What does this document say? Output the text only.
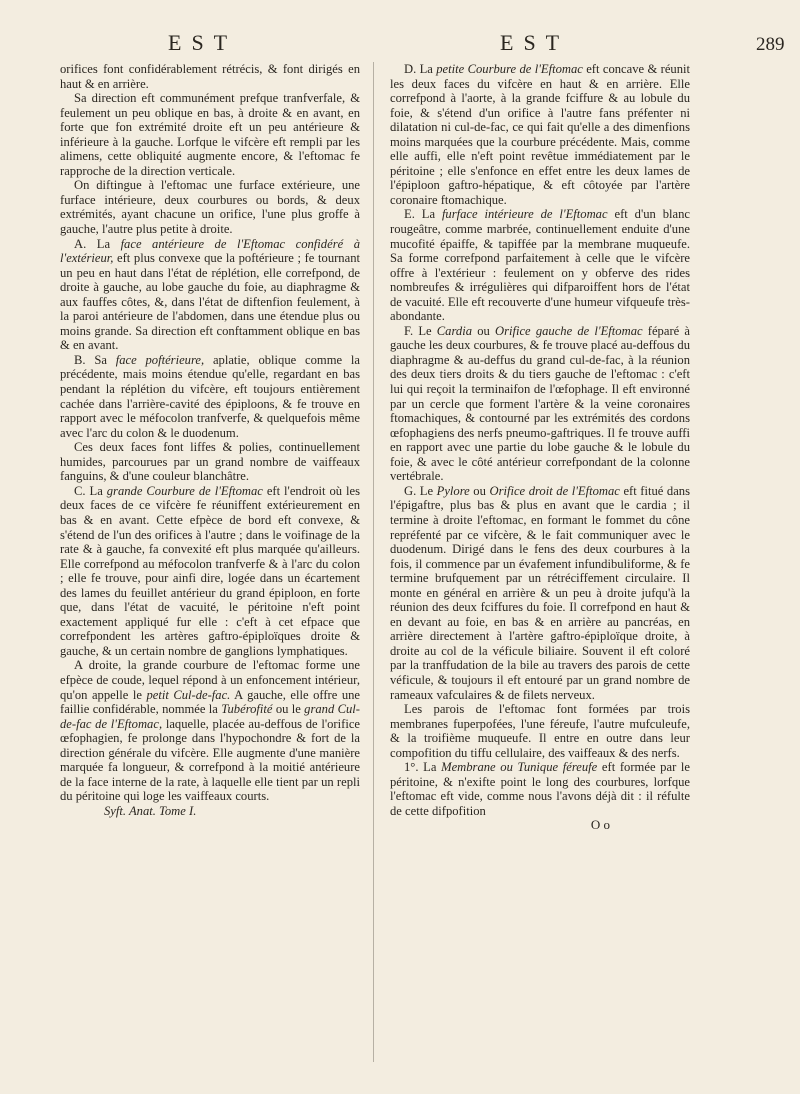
EST	EST	289

orifices font confidérablement rétrécis, & font dirigés en haut & en arrière.

Sa direction eft communément prefque tranfverfale, & feulement un peu oblique en bas, à droite & en avant, en forte que fon extrémité droite eft un peu antérieure & inférieure à la gauche. Lorfque le vifcère eft rempli par les alimens, cette obliquité augmente encore, & l'eftomac fe rapproche de la direction verticale.

On diftingue à l'eftomac une furface extérieure, une furface intérieure, deux courbures ou bords, & deux extrémités, ayant chacune un orifice, l'une plus groffe à gauche, l'autre plus petite à droite.

A. La face antérieure de l'Eftomac confidéré à l'extérieur, eft plus convexe que la poftérieure ; fe tournant un peu en haut dans l'état de réplétion, elle correfpond, de droite à gauche, au lobe gauche du foie, au diaphragme & aux fauffes côtes, &, dans l'état de diftenfion feulement, à la paroi antérieure de l'abdomen, dans une étendue plus ou moins grande. Sa direction eft conftamment oblique en bas & en avant.

B. Sa face poftérieure, aplatie, oblique comme la précédente, mais moins étendue qu'elle, regardant en bas pendant la réplétion du vifcère, eft toujours entièrement cachée dans l'arrière-cavité des épiploons, & fe trouve en rapport avec le méfocolon tranfverfe, & quelquefois même avec l'arc du colon & le duodenum.

Ces deux faces font liffes & polies, continuellement humides, parcourues par un grand nombre de vaiffeaux fanguins, & d'une couleur blanchâtre.

C. La grande Courbure de l'Eftomac eft l'endroit où les deux faces de ce vifcère fe réuniffent extérieurement en bas & en avant. Cette efpèce de bord eft convexe, & s'étend de l'un des orifices à l'autre ; dans le voifinage de la rate & à gauche, fa convexité eft plus marquée qu'ailleurs. Elle correfpond au méfocolon tranfverfe & à l'arc du colon ; elle fe trouve, pour ainfi dire, logée dans un écartement des lames du feuillet antérieur du grand épiploon, en forte que, dans l'état de vacuité, le péritoine n'eft point exactement appliqué fur elle : c'eft à cet efpace que correfpondent les artères gaftro-épiploïques droite & gauche, & un certain nombre de ganglions lymphatiques.

A droite, la grande courbure de l'eftomac forme une efpèce de coude, lequel répond à un enfoncement intérieur, qu'on appelle le petit Cul-de-fac. A gauche, elle offre une faillie confidérable, nommée la Tubérofité ou le grand Cul-de-fac de l'Eftomac, laquelle, placée au-deffous de l'orifice œfophagien, fe prolonge dans l'hypochondre & fort de la direction générale du vifcère. Elle augmente d'une manière marquée fa longueur, & correfpond à la moitié antérieure de la face interne de la rate, à laquelle elle tient par un repli du péritoine qui loge les vaiffeaux courts.

Syft. Anat. Tome I.

D. La petite Courbure de l'Eftomac eft concave & réunit les deux faces du vifcère en haut & en arrière. Elle correfpond à l'aorte, à la grande fciffure & au lobule du foie, & s'étend d'un orifice à l'autre fans préfenter ni dilatation ni cul-de-fac, ce qui fait qu'elle a des dimenfions moins marquées que la courbure précédente. Mais, comme elle auffi, elle n'eft point revêtue immédiatement par le péritoine ; elle s'enfonce en effet entre les deux lames de l'épiploon gaftro-hépatique, & eft côtoyée par l'artère coronaire ftomachique.

E. La furface intérieure de l'Eftomac eft d'un blanc rougeâtre, comme marbrée, continuellement enduite d'une mucofité épaiffe, & tapiffée par la membrane muqueufe. Sa forme correfpond parfaitement à celle que le vifcère offre à l'extérieur : feulement on y obferve des rides nombreufes & irrégulières qui difparoiffent hors de l'état de vacuité. Elle eft recouverte d'une humeur vifqueufe très-abondante.

F. Le Cardia ou Orifice gauche de l'Eftomac féparé à gauche les deux courbures, & fe trouve placé au-deffous du diaphragme & au-deffus du grand cul-de-fac, à la réunion des deux tiers droits & du tiers gauche de l'eftomac : c'eft lui qui reçoit la terminaifon de l'œfophage. Il eft environné par un cercle que forment l'artère & la veine coronaires ftomachiques, & contourné par les extrémités des cordons œfophagiens des nerfs pneumo-gaftriques. Il fe trouve auffi en rapport avec une partie du lobe gauche & le lobule du foie, & avec le côté antérieur correfpondant de la colonne vertébrale.

G. Le Pylore ou Orifice droit de l'Eftomac eft fitué dans l'épigaftre, plus bas & plus en avant que le cardia ; il termine à droite l'eftomac, en formant le fommet du cône repréfenté par ce vifcère, & le fait communiquer avec le duodenum. Dirigé dans le fens des deux courbures à la fois, il commence par un évafement infundibuliforme, & fe termine brufquement par un rétréciffement circulaire. Il monte en général en arrière & un peu à droite jufqu'à la réunion des deux fciffures du foie. Il correfpond en haut & en devant au foie, en bas & en arrière au pancréas, en arrière directement à l'artère gaftro-épiploïque droite, à droite au col de la véficule biliaire. Souvent il eft coloré par la tranffudation de la bile au travers des parois de cette véficule, & toujours il eft entouré par un grand nombre de rameaux vafculaires & de filets nerveux.

Les parois de l'eftomac font formées par trois membranes fuperpofées, l'une féreufe, l'autre mufculeufe, & la troifième muqueufe. Il entre en outre dans leur compofition du tiffu cellulaire, des vaiffeaux & des nerfs.

1°. La Membrane ou Tunique féreufe eft formée par le péritoine, & n'exifte point le long des courbures, lorfque l'eftomac eft vide, comme nous l'avons déjà dit : il réfulte de cette difpofition

O o
